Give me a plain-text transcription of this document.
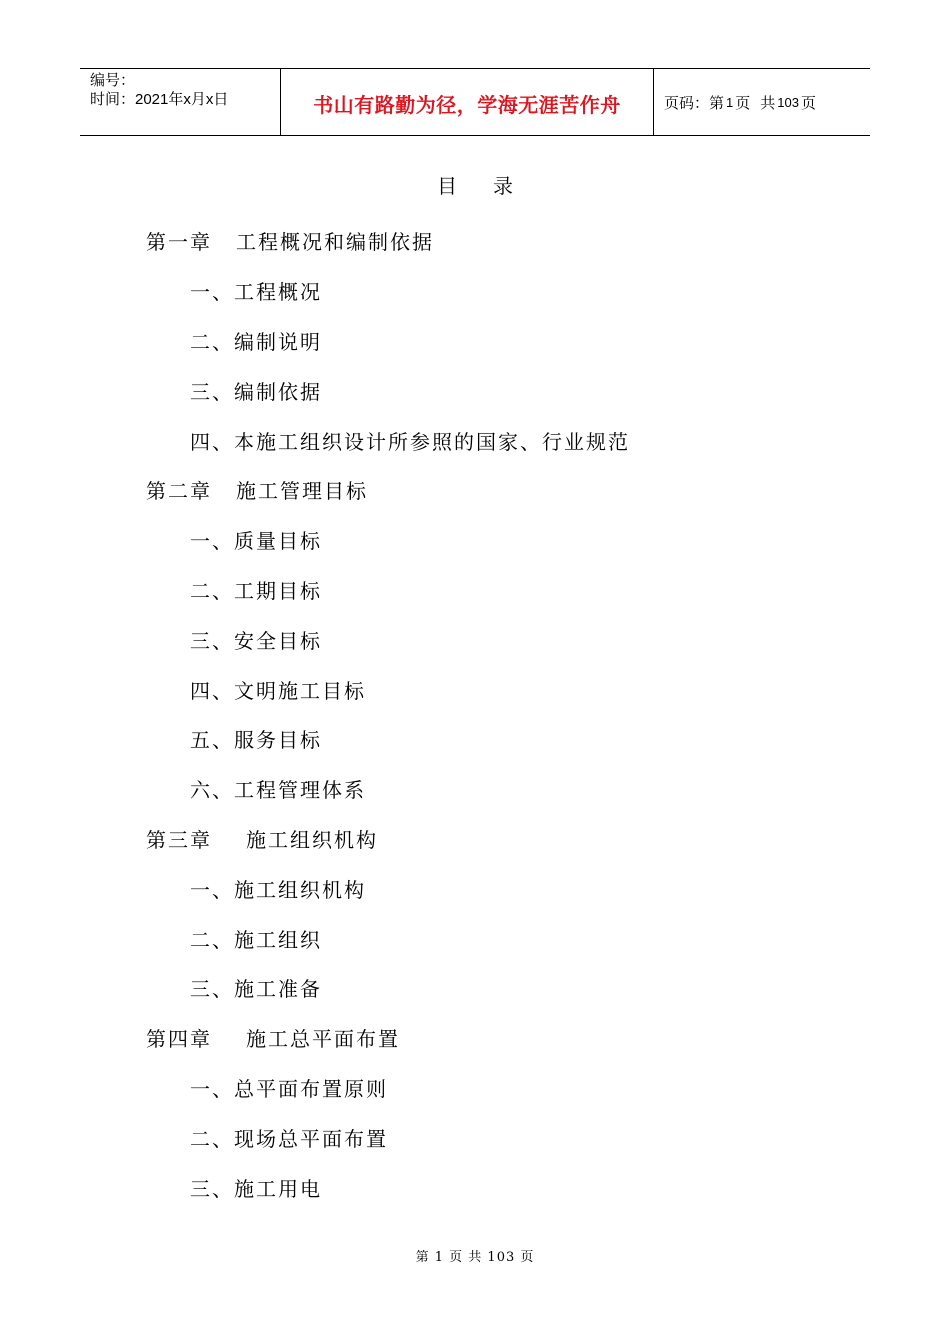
编号：
时间：2021年x月x日	书山有路勤为径，学海无涯苦作舟	页码：第 1 页 共 103 页
目录
第一章 工程概况和编制依据
一、工程概况
二、编制说明
三、编制依据
四、本施工组织设计所参照的国家、行业规范
第二章 施工管理目标
一、质量目标
二、工期目标
三、安全目标
四、文明施工目标
五、服务目标
六、工程管理体系
第三章 施工组织机构
一、施工组织机构
二、施工组织
三、施工准备
第四章 施工总平面布置
一、总平面布置原则
二、现场总平面布置
三、施工用电
第 1 页 共 103 页
